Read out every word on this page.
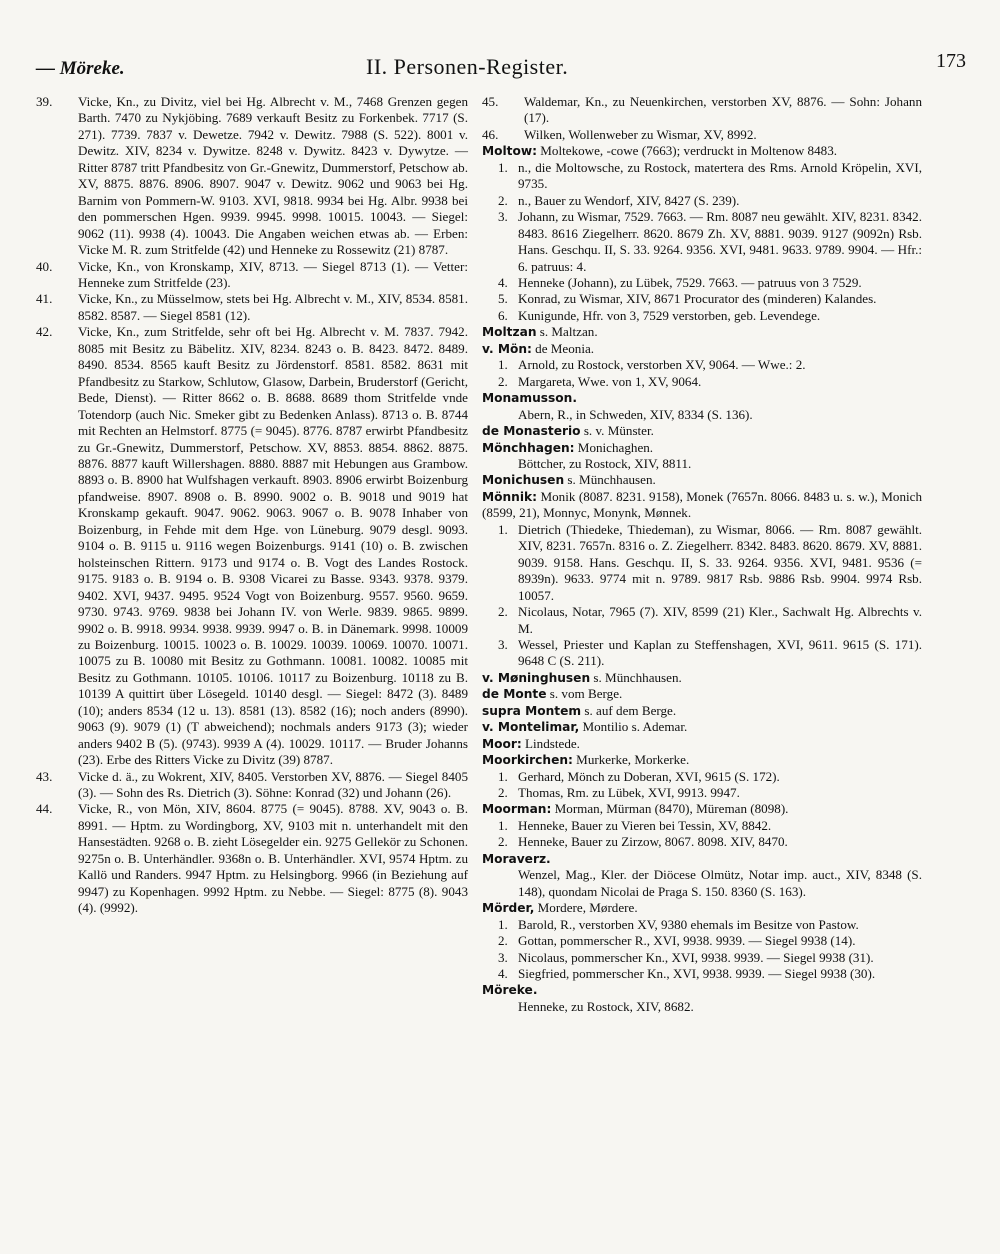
— Möreke.	II. Personen-Register.	173
39. Vicke, Kn., zu Divitz, viel bei Hg. Albrecht v. M., 7468 Grenzen gegen Barth. 7470 zu Nykjöbing. 7689 verkauft Besitz zu Forkenbek. 7717 (S. 271). 7739. 7837 v. Dewetze. 7942 v. Dewitz. 7988 (S. 522). 8001 v. Dewitz. XIV, 8234 v. Dywitze. 8248 v. Dywitz. 8423 v. Dywytze. — Ritter 8787 tritt Pfandbesitz von Gr.-Gnewitz, Dummerstorf, Petschow ab. XV, 8875. 8876. 8906. 8907. 9047 v. Dewitz. 9062 und 9063 bei Hg. Barnim von Pommern-W. 9103. XVI, 9818. 9934 bei Hg. Albr. 9938 bei den pommerschen Hgen. 9939. 9945. 9998. 10015. 10043. — Siegel: 9062 (11). 9938 (4). 10043. Die Angaben weichen etwas ab. — Erben: Vicke M. R. zum Stritfelde (42) und Henneke zu Rossewitz (21) 8787.
40. Vicke, Kn., von Kronskamp, XIV, 8713. — Siegel 8713 (1). — Vetter: Henneke zum Stritfelde (23).
41. Vicke, Kn., zu Müsselmow, stets bei Hg. Albrecht v. M., XIV, 8534. 8581. 8582. 8587. — Siegel 8581 (12).
42. Vicke, Kn., zum Stritfelde, sehr oft bei Hg. Albrecht v. M. 7837. 7942. 8085 mit Besitz zu Bäbelitz. XIV, 8234. 8243 o. B. 8423. 8472. 8489. 8490. 8534. 8565 kauft Besitz zu Jördenstorf. 8581. 8582. 8631 mit Pfandbesitz zu Starkow, Schlutow, Glasow, Darbein, Bruderstorf (Gericht, Bede, Dienst). — Ritter 8662 o. B. 8688. 8689 thom Stritfelde vnde Totendorp (auch Nic. Smeker gibt zu Bedenken Anlass). 8713 o. B. 8744 mit Rechten an Helmstorf. 8775 (= 9045). 8776. 8787 erwirbt Pfandbesitz zu Gr.-Gnewitz, Dummerstorf, Petschow. XV, 8853. 8854. 8862. 8875. 8876. 8877 kauft Willershagen. 8880. 8887 mit Hebungen aus Grambow. 8893 o. B. 8900 hat Wulfshagen verkauft. 8903. 8906 erwirbt Boizenburg pfandweise. 8907. 8908 o. B. 8990. 9002 o. B. 9018 und 9019 hat Kronskamp gekauft. 9047. 9062. 9063. 9067 o. B. 9078 Inhaber von Boizenburg, in Fehde mit dem Hge. von Lüneburg. 9079 desgl. 9093. 9104 o. B. 9115 u. 9116 wegen Boizenburgs. 9141 (10) o. B. zwischen holsteinschen Rittern. 9173 und 9174 o. B. Vogt des Landes Rostock. 9175. 9183 o. B. 9194 o. B. 9308 Vicarei zu Basse. 9343. 9378. 9379. 9402. XVI, 9437. 9495. 9524 Vogt von Boizenburg. 9557. 9560. 9659. 9730. 9743. 9769. 9838 bei Johann IV. von Werle. 9839. 9865. 9899. 9902 o. B. 9918. 9934. 9938. 9939. 9947 o. B. in Dänemark. 9998. 10009 zu Boizenburg. 10015. 10023 o. B. 10029. 10039. 10069. 10070. 10071. 10075 zu B. 10080 mit Besitz zu Gothmann. 10081. 10082. 10085 mit Besitz zu Gothmann. 10105. 10106. 10117 zu Boizenburg. 10118 zu B. 10139 A quittirt über Lösegeld. 10140 desgl. — Siegel: 8472 (3). 8489 (10); anders 8534 (12 u. 13). 8581 (13). 8582 (16); noch anders (8990). 9063 (9). 9079 (1) (T abweichend); nochmals anders 9173 (3); wieder anders 9402 B (5). (9743). 9939 A (4). 10029. 10117. — Bruder Johanns (23). Erbe des Ritters Vicke zu Divitz (39) 8787.
43. Vicke d. ä., zu Wokrent, XIV, 8405. Verstorben XV, 8876. — Siegel 8405 (3). — Sohn des Rs. Dietrich (3). Söhne: Konrad (32) und Johann (26).
44. Vicke, R., von Mön, XIV, 8604. 8775 (= 9045). 8788. XV, 9043 o. B. 8991. — Hptm. zu Wordingborg, XV, 9103 mit n. unterhandelt mit den Hansestädten. 9268 o. B. zieht Lösegelder ein. 9275 Gellekör zu Schonen. 9275n o. B. Unterhändler. 9368n o. B. Unterhändler. XVI, 9574 Hptm. zu Kallö und Randers. 9947 Hptm. zu Helsingborg. 9966 (in Beziehung auf 9947) zu Kopenhagen. 9992 Hptm. zu Nebbe. — Siegel: 8775 (8). 9043 (4). (9992).
45. Waldemar, Kn., zu Neuenkirchen, verstorben XV, 8876. — Sohn: Johann (17).
46. Wilken, Wollenweber zu Wismar, XV, 8992.
Moltow: Moltekowe, -cowe (7663); verdruckt in Moltenow 8483.
1. n., die Moltowsche, zu Rostock, matertera des Rms. Arnold Kröpelin, XVI, 9735.
2. n., Bauer zu Wendorf, XIV, 8427 (S. 239).
3. Johann, zu Wismar, 7529. 7663. — Rm. 8087 neu gewählt. XIV, 8231. 8342. 8483. 8616 Ziegelherr. 8620. 8679 Zh. XV, 8881. 9039. 9127 (9092n) Rsb. Hans. Geschqu. II, S. 33. 9264. 9356. XVI, 9481. 9633. 9789. 9904. — Hfr.: 6. patruus: 4.
4. Henneke (Johann), zu Lübek, 7529. 7663. — patruus von 3 7529.
5. Konrad, zu Wismar, XIV, 8671 Procurator des (minderen) Kalandes.
6. Kunigunde, Hfr. von 3, 7529 verstorben, geb. Levendege.
Moltzan s. Maltzan.
v. Mön: de Meonia.
1. Arnold, zu Rostock, verstorben XV, 9064. — Wwe.: 2.
2. Margareta, Wwe. von 1, XV, 9064.
Monamusson.
Abern, R., in Schweden, XIV, 8334 (S. 136).
de Monasterio s. v. Münster.
Mönchhagen: Monichaghen.
Böttcher, zu Rostock, XIV, 8811.
Monichusen s. Münchhausen.
Mönnik: Monik (8087. 8231. 9158), Monek (7657n. 8066. 8483 u. s. w.), Monich (8599, 21), Monnyc, Monynk, Mønnek.
1. Dietrich (Thiedeke, Thiedeman), zu Wismar, 8066. — Rm. 8087 gewählt. XIV, 8231. 7657n. 8316 o. Z. Ziegelherr. 8342. 8483. 8620. 8679. XV, 8881. 9039. 9158. Hans. Geschqu. II, S. 33. 9264. 9356. XVI, 9481. 9536 (= 8939n). 9633. 9774 mit n. 9789. 9817 Rsb. 9886 Rsb. 9904. 9974 Rsb. 10057.
2. Nicolaus, Notar, 7965 (7). XIV, 8599 (21) Kler., Sachwalt Hg. Albrechts v. M.
3. Wessel, Priester und Kaplan zu Steffenshagen, XVI, 9611. 9615 (S. 171). 9648 C (S. 211).
v. Møninghusen s. Münchhausen.
de Monte s. vom Berge.
supra Montem s. auf dem Berge.
v. Montelimar, Montilio s. Ademar.
Moor: Lindstede.
Moorkirchen: Murkerke, Morkerke.
1. Gerhard, Mönch zu Doberan, XVI, 9615 (S. 172).
2. Thomas, Rm. zu Lübek, XVI, 9913. 9947.
Moorman: Morman, Mürman (8470), Müreman (8098).
1. Henneke, Bauer zu Vieren bei Tessin, XV, 8842.
2. Henneke, Bauer zu Zirzow, 8067. 8098. XIV, 8470.
Moraverz.
Wenzel, Mag., Kler. der Diöcese Olmütz, Notar imp. auct., XIV, 8348 (S. 148), quondam Nicolai de Praga S. 150. 8360 (S. 163).
Mörder, Mordere, Mørdere.
1. Barold, R., verstorben XV, 9380 ehemals im Besitze von Pastow.
2. Gottan, pommerscher R., XVI, 9938. 9939. — Siegel 9938 (14).
3. Nicolaus, pommerscher Kn., XVI, 9938. 9939. — Siegel 9938 (31).
4. Siegfried, pommerscher Kn., XVI, 9938. 9939. — Siegel 9938 (30).
Möreke.
Henneke, zu Rostock, XIV, 8682.
